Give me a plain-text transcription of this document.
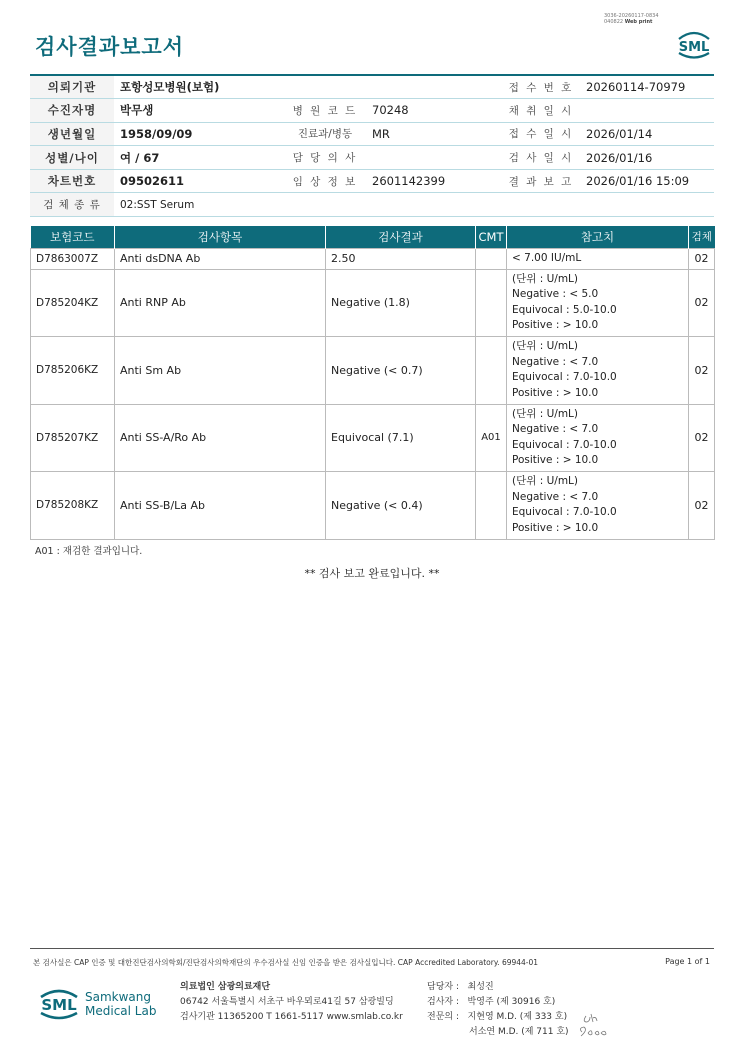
3036-20260117-0834
040822 Web print
검사결과보고서	SML
의뢰기관	포항성모병원(보험)			접 수 번 호	20260114-70979
수진자명	박무생	병 원 코 드	70248	채 취 일 시	
생년월일	1958/09/09	진료과/병동	MR	접 수 일 시	2026/01/14
성별/나이	여 / 67	담 당 의 사		검 사 일 시	2026/01/16
차트번호	09502611	임 상 정 보	2601142399	결 과 보 고	2026/01/16 15:09
검 체 종 류	02:SST Serum				
보험코드	검사항목	검사결과	CMT	참고치	검체
D7863007Z	Anti dsDNA Ab	2.50		< 7.00 IU/mL	02
D785204KZ	Anti RNP Ab	Negative (1.8)		(단위 : U/mL)
Negative : < 5.0
Equivocal : 5.0-10.0
Positive : > 10.0	02
D785206KZ	Anti Sm Ab	Negative (< 0.7)		(단위 : U/mL)
Negative : < 7.0
Equivocal : 7.0-10.0
Positive : > 10.0	02
D785207KZ	Anti SS-A/Ro Ab	Equivocal (7.1)	A01	(단위 : U/mL)
Negative : < 7.0
Equivocal : 7.0-10.0
Positive : > 10.0	02
D785208KZ	Anti SS-B/La Ab	Negative (< 0.4)		(단위 : U/mL)
Negative : < 7.0
Equivocal : 7.0-10.0
Positive : > 10.0	02
A01 : 재검한 결과입니다.
** 검사 보고 완료입니다. **
본 검사실은 CAP 인증 및 대한진단검사의학회/진단검사의학재단의 우수검사실 신임 인증을 받은 검사실입니다. CAP Accredited Laboratory. 69944-01	Page 1 of 1
SML Samkwang
Medical Lab
의료법인 삼광의료재단
06742 서울특별시 서초구 바우뫼로41길 57 삼광빌딩
검사기관 11365200 T 1661-5117 www.smlab.co.kr
담당자 :   최성진
검사자 :   박영주 (제 30916 호)
전문의 :   지현영 M.D. (제 333 호)
서소연 M.D. (제 711 호)
